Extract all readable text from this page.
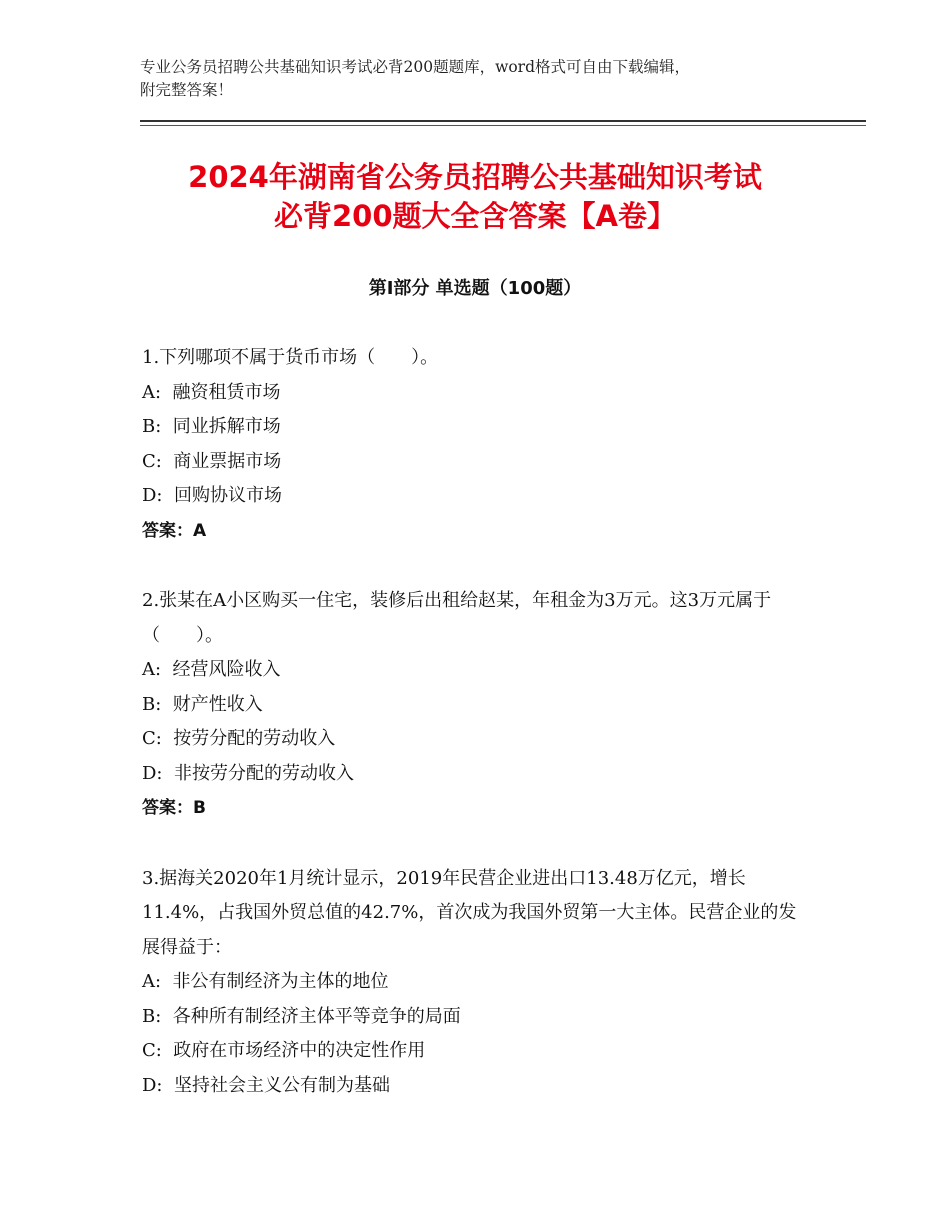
专业公务员招聘公共基础知识考试必背200题题库，word格式可自由下载编辑，
附完整答案！
2024年湖南省公务员招聘公共基础知识考试
必背200题大全含答案【A卷】
第Ⅰ部分 单选题（100题）
1.下列哪项不属于货币市场（　　）。
A:  融资租赁市场
B:  同业拆解市场
C:  商业票据市场
D:  回购协议市场
答案：A
2.张某在A小区购买一住宅，装修后出租给赵某，年租金为3万元。这3万元属于（　　）。
A:  经营风险收入
B:  财产性收入
C:  按劳分配的劳动收入
D:  非按劳分配的劳动收入
答案：B
3.据海关2020年1月统计显示，2019年民营企业进出口13.48万亿元，增长11.4%，占我国外贸总值的42.7%，首次成为我国外贸第一大主体。民营企业的发展得益于：
A:  非公有制经济为主体的地位
B:  各种所有制经济主体平等竞争的局面
C:  政府在市场经济中的决定性作用
D:  坚持社会主义公有制为基础
